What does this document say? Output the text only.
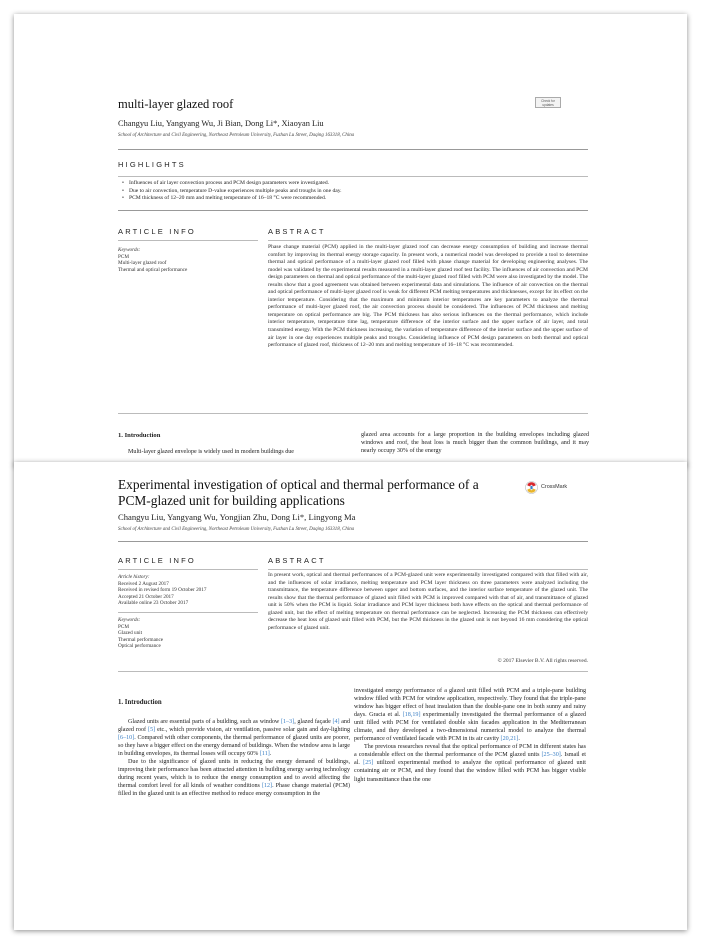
multi-layer glazed roof	Check for updates
Changyu Liu, Yangyang Wu, Ji Bian, Dong Li*, Xiaoyan Liu
School of Architecture and Civil Engineering, Northeast Petroleum University, Fuzhan Lu Street, Daqing 163318, China
HIGHLIGHTS
• Influences of air layer convection process and PCM design parameters were investigated.
• Due to air convection, temperature D-value experiences multiple peaks and troughs in one day.
• PCM thickness of 12–20 mm and melting temperature of 16–18 °C were recommended.
ARTICLE INFO
Keywords:
PCM
Multi-layer glazed roof
Thermal and optical performance
ABSTRACT

Phase change material (PCM) applied in the multi-layer glazed roof can decrease energy consumption of building and increase thermal comfort by improving its thermal energy storage capacity. In present work, a numerical model was developed to provide a tool to determine thermal and optical performance of a multi-layer glazed roof filled with phase change material for developing engineering analyses. The model was validated by the experimental results measured in a multi-layer glazed roof test facility. The influences of air convection and PCM design parameters on thermal and optical performance of the multi-layer glazed roof filled with PCM were also investigated by the model. The results show that a good agreement was obtained between experimental data and simulations. The influence of air convection on the thermal and optical performance of multi-layer glazed roof is weak for different PCM melting temperatures and thicknesses, except for its effect on the interior temperature. Considering that the maximum and minimum interior temperatures are key parameters to analyze the thermal performance of multi-layer glazed roof, the air convection process should be considered. The influences of PCM thickness and melting temperature on optical performance are big. The PCM thickness has also serious influences on the thermal performance, which include interior temperature, temperature time lag, temperature difference of the interior surface and the upper surface of air layer, and total transmitted energy. With the PCM thickness increasing, the variation of temperature difference of the interior surface and the upper surface of air layer in one day experiences multiple peaks and troughs. Considering influence of PCM design parameters on both thermal and optical performance of glazed roof, thickness of 12–20 mm and melting temperature of 16–18 °C was recommended.

1. Introduction

Multi-layer glazed envelope is widely used in modern buildings due

glazed area accounts for a large proportion in the building envelopes including glazed windows and roof, the heat loss is much bigger than the common buildings, and it may nearly occupy 30% of the energy

Experimental investigation of optical and thermal performance of a
PCM-glazed unit for building applications
CrossMark
Changyu Liu, Yangyang Wu, Yongjian Zhu, Dong Li*, Lingyong Ma
School of Architecture and Civil Engineering, Northeast Petroleum University, Fuzhan Lu Street, Daqing 163318, China
ARTICLE INFO
Article history:
Received 2 August 2017
Received in revised form 19 October 2017
Accepted 21 October 2017
Available online 23 October 2017
Keywords:
PCM
Glazed unit
Thermal performance
Optical performance
ABSTRACT

In present work, optical and thermal performances of a PCM-glazed unit were experimentally investigated compared with that filled with air, and the influences of solar irradiance, melting temperature and PCM layer thickness on three parameters were analyzed including the transmittance, the temperature difference between upper and bottom surfaces, and the interior surface temperature of the glazed unit. The results show that the thermal performance of glazed unit filled with PCM is improved compared with that of air, and transmittance of glazed unit is 50% when the PCM is liquid. Solar irradiance and PCM layer thickness both have effects on the optical and thermal performance of glazed unit, but the effect of melting temperature on thermal performance can be neglected. Increasing the PCM thickness can effectively decrease the heat loss of glazed unit filled with PCM, but the PCM thickness in the glazed unit is not beyond 16 mm considering the optical performance of glazed unit.

© 2017 Elsevier B.V. All rights reserved.
1. Introduction

Glazed units are essential parts of a building, such as window [1–3], glazed façade [4] and glazed roof [5] etc., which provide vision, air ventilation, passive solar gain and day-lighting [6–10]. Compared with other components, the thermal performance of glazed units are poorer, so they have a bigger effect on the energy demand of buildings. When the window area is large in building envelopes, its thermal losses will occupy 60% [11].

Due to the significance of glazed units in reducing the energy demand of buildings, improving their performance has been attracted attention in building energy saving technology during recent years, which is to reduce the energy consumption and to avoid affecting the thermal comfort level for all kinds of weather conditions [12]. Phase change material (PCM) filled in the glazed unit is an effective method to reduce energy consumption in the

investigated energy performance of a glazed unit filled with PCM and a triple-pane building window filled with PCM for window application, respectively. They found that the triple-pane window has bigger effect of heat insulation than the double-pane one in both sunny and rainy days. Gracia et al. [18,19] experimentally investigated the thermal performance of a glazed unit filled with PCM for ventilated double skin facades application in the Mediterranean climate, and they developed a two-dimensional numerical model to analyze the thermal performance of ventilated facade with PCM in its air cavity [20,21].

The previous researches reveal that the optical performance of PCM in different states has a considerable effect on the thermal performance of the PCM glazed units [25–30]. Ismail et al. [25] utilized experimental method to analyze the optical performance of glazed unit containing air or PCM, and they found that the window filled with PCM has bigger visible light transmittance than the one
